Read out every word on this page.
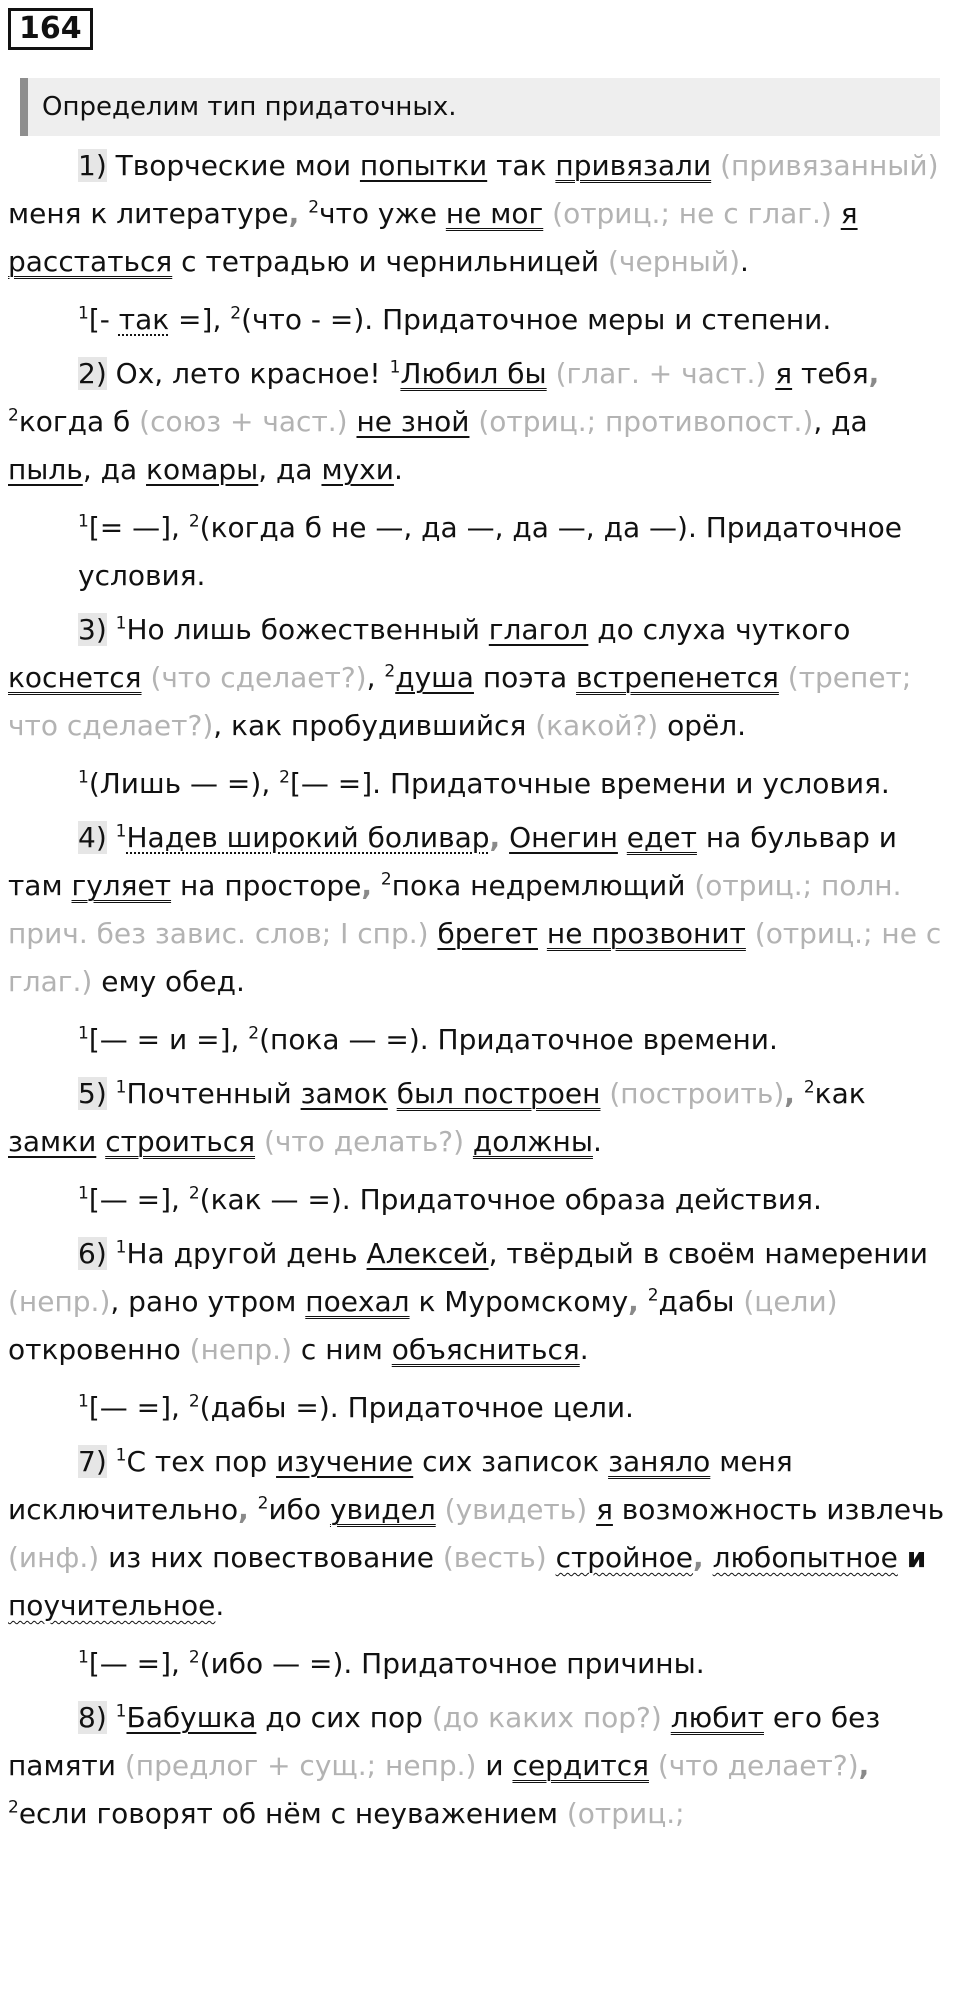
164
Определим тип придаточных.

1) Творческие мои попытки так привязали (привязанный) меня к литературе, $^2$что уже не мог (отриц.; не с глаг.) я расстаться с тетрадью и чернильницей (черный).

$^1$[- так =], $^2$(что - =). Придаточное меры и степени.

2) Ох, лето красное! $^1$Любил бы (глаг. + част.) я тебя, $^2$когда б (союз + част.) не зной (отриц.; противопост.), да пыль, да комары, да мухи.

$^1$[= —], $^2$(когда б не —, да —, да —, да —). Придаточное условия.

3) $^1$Но лишь божественный глагол до слуха чуткого коснется (что сделает?), $^2$душа поэта встрепенется (трепет; что сделает?), как пробудившийся (какой?) орёл.

$^1$(Лишь — =), $^2$[— =]. Придаточные времени и условия.

4) $^1$Надев широкий боливар, Онегин едет на бульвар и там гуляет на просторе, $^2$пока недремлющий (отриц.; полн. прич. без завис. слов; I спр.) брегет не прозвонит (отриц.; не с глаг.) ему обед.

$^1$[— = и =], $^2$(пока — =). Придаточное времени.

5) $^1$Почтенный замок был построен (построить), $^2$как замки строиться (что делать?) должны.

$^1$[— =], $^2$(как — =). Придаточное образа действия.

6) $^1$На другой день Алексей, твёрдый в своём намерении (непр.), рано утром поехал к Муромскому, $^2$дабы (цели) откровенно (непр.) с ним объясниться.

$^1$[— =], $^2$(дабы =). Придаточное цели.

7) $^1$С тех пор изучение сих записок заняло меня исключительно, $^2$ибо увидел (увидеть) я возможность извлечь (инф.) из них повествование (весть) стройное, любопытное и поучительное.

$^1$[— =], $^2$(ибо — =). Придаточное причины.

8) $^1$Бабушка до сих пор (до каких пор?) любит его без памяти (предлог + сущ.; непр.) и сердится (что делает?), $^2$если говорят об нём с неуважением (отриц.;
